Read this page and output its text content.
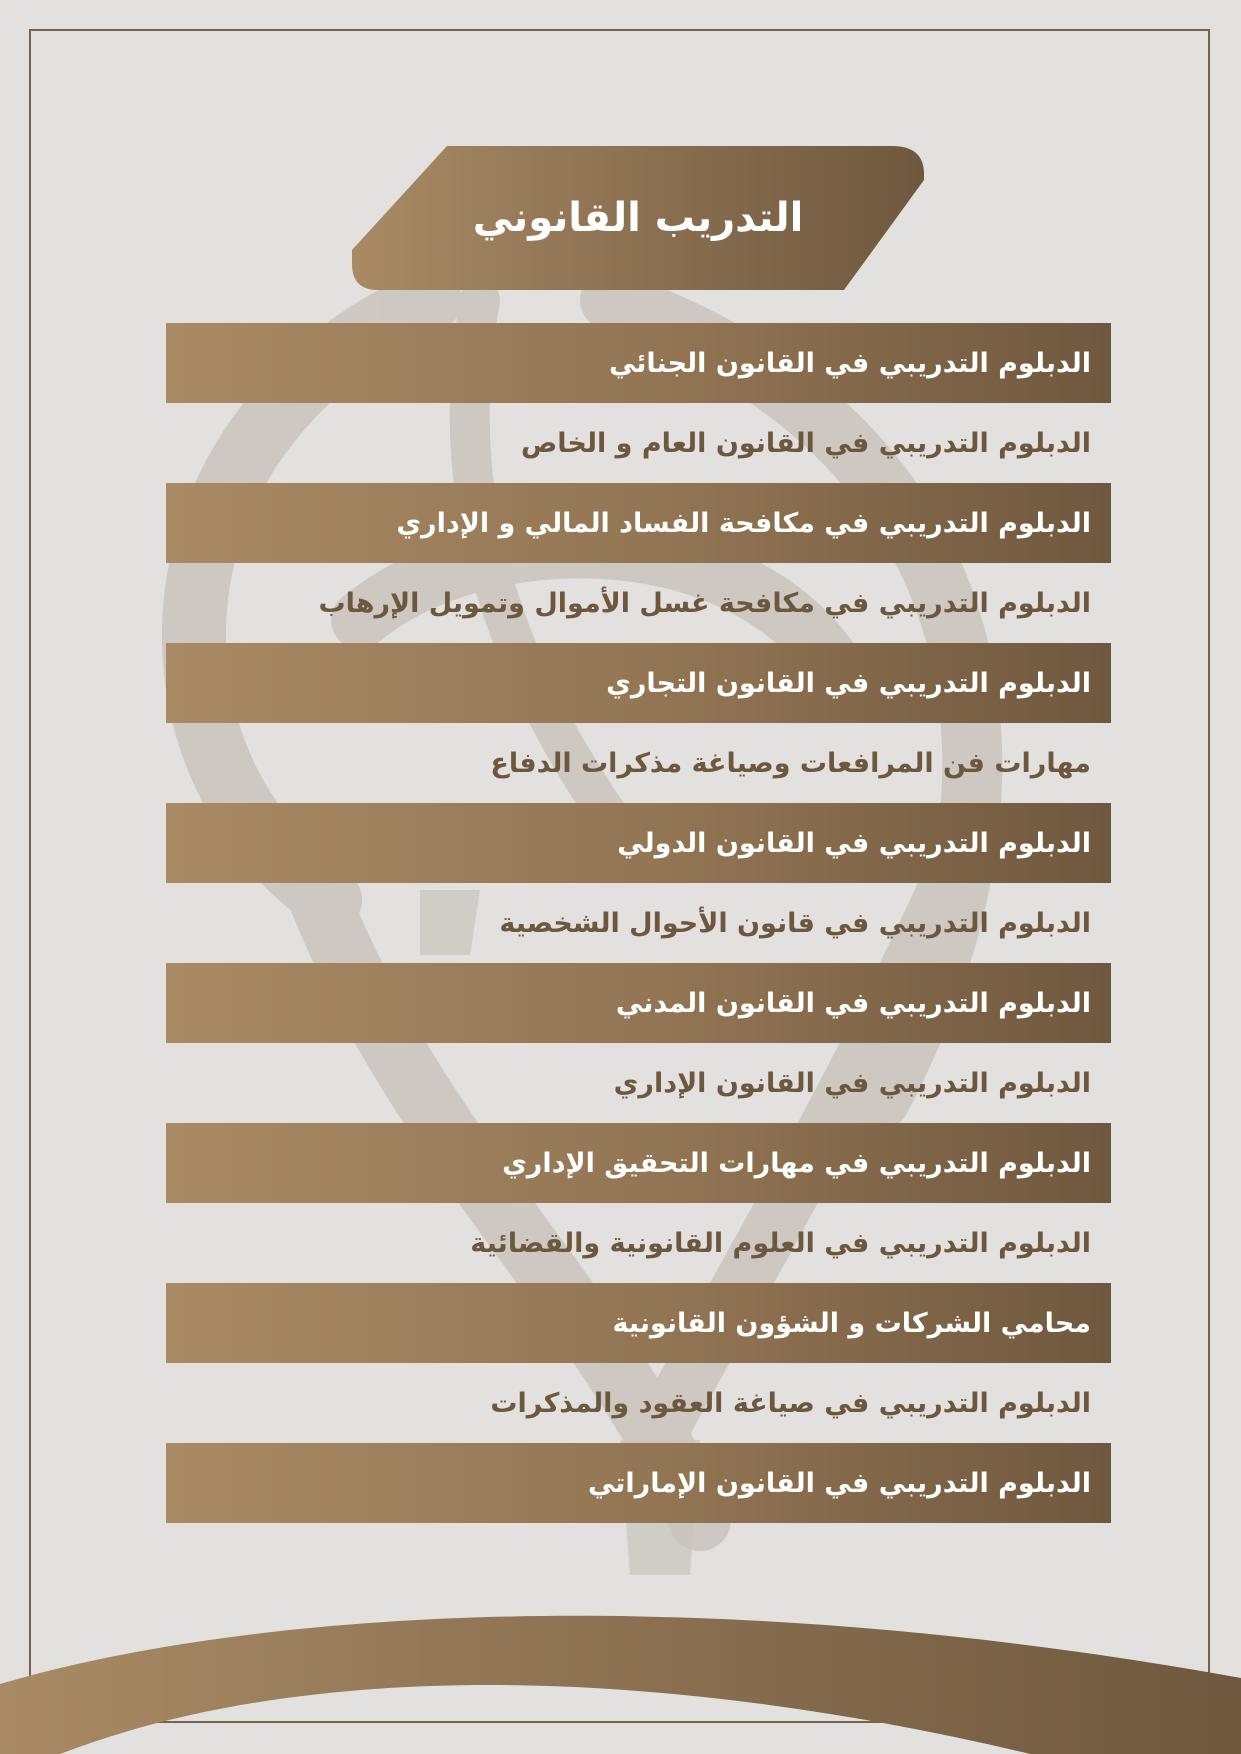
التدريب القانوني
الدبلوم التدريبي في القانون الجنائي
الدبلوم التدريبي في القانون العام و الخاص
الدبلوم التدريبي في مكافحة الفساد المالي و الإداري
الدبلوم التدريبي في مكافحة غسل الأموال وتمويل الإرهاب
الدبلوم التدريبي في القانون التجاري
مهارات فن المرافعات وصياغة مذكرات الدفاع
الدبلوم التدريبي في القانون الدولي
الدبلوم التدريبي في قانون الأحوال الشخصية
الدبلوم التدريبي في القانون المدني
الدبلوم التدريبي في القانون الإداري
الدبلوم التدريبي في مهارات التحقيق الإداري
الدبلوم التدريبي في العلوم القانونية والقضائية
محامي الشركات و الشؤون القانونية
الدبلوم التدريبي في صياغة العقود والمذكرات
الدبلوم التدريبي في القانون الإماراتي
